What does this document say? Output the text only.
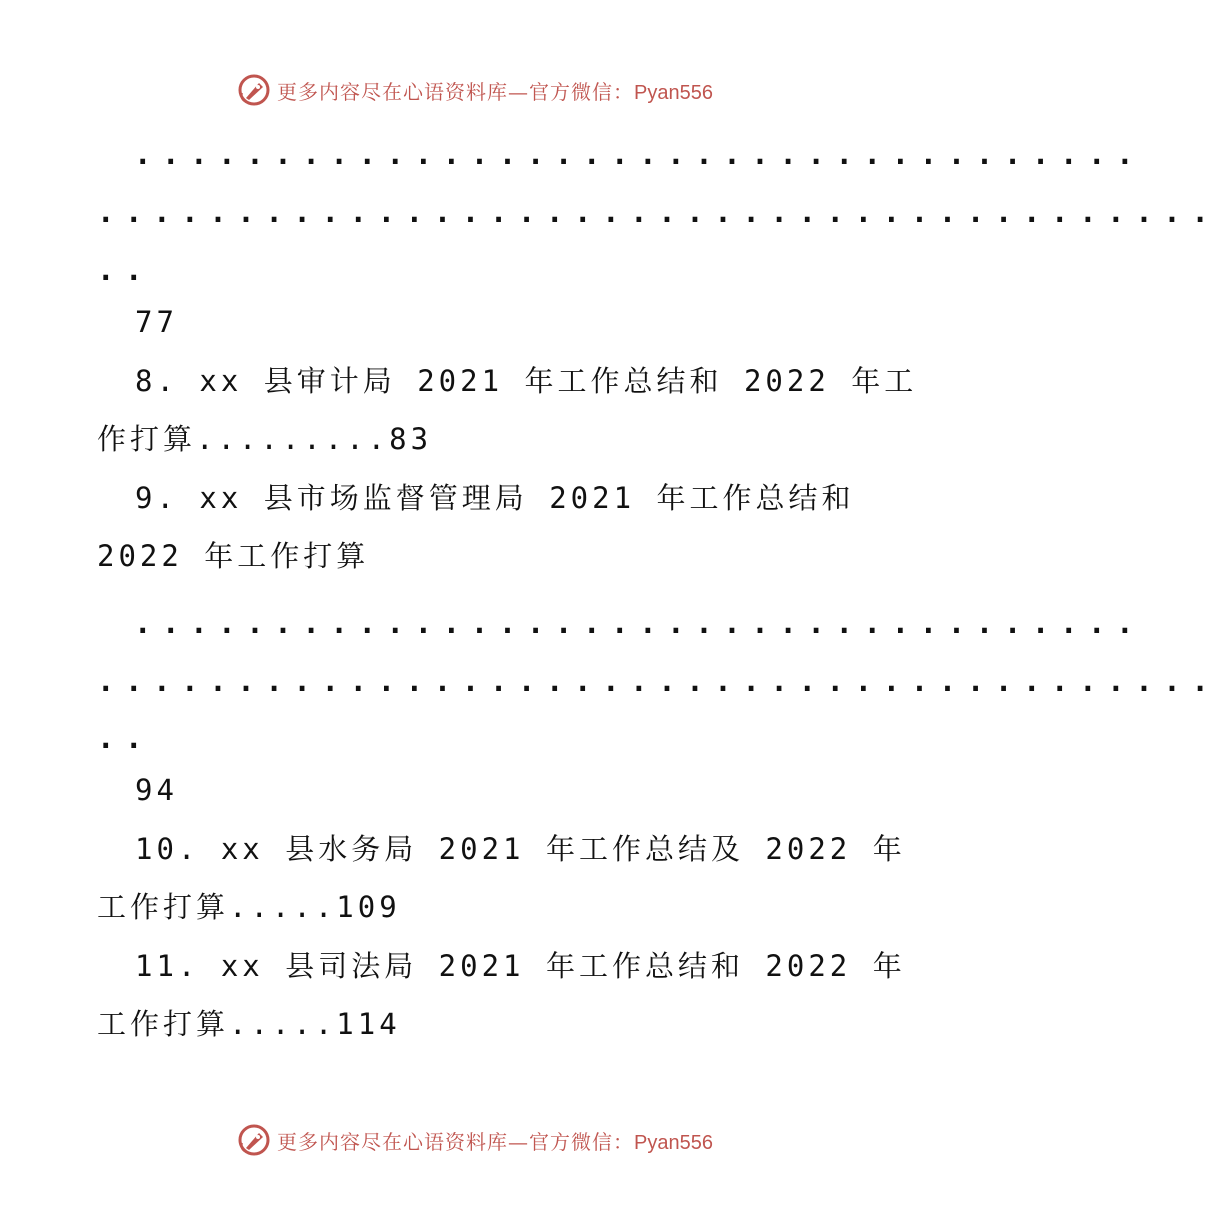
更多内容尽在心语资料库—官方微信：Pyan556
....................................
........................................
..
77
8. xx 县审计局 2021 年工作总结和 2022 年工
作打算.........83
9. xx 县市场监督管理局 2021 年工作总结和
2022 年工作打算
....................................
........................................
..
94
10. xx 县水务局 2021 年工作总结及 2022 年
工作打算.....109
11. xx 县司法局 2021 年工作总结和 2022 年
工作打算.....114
更多内容尽在心语资料库—官方微信：Pyan556
